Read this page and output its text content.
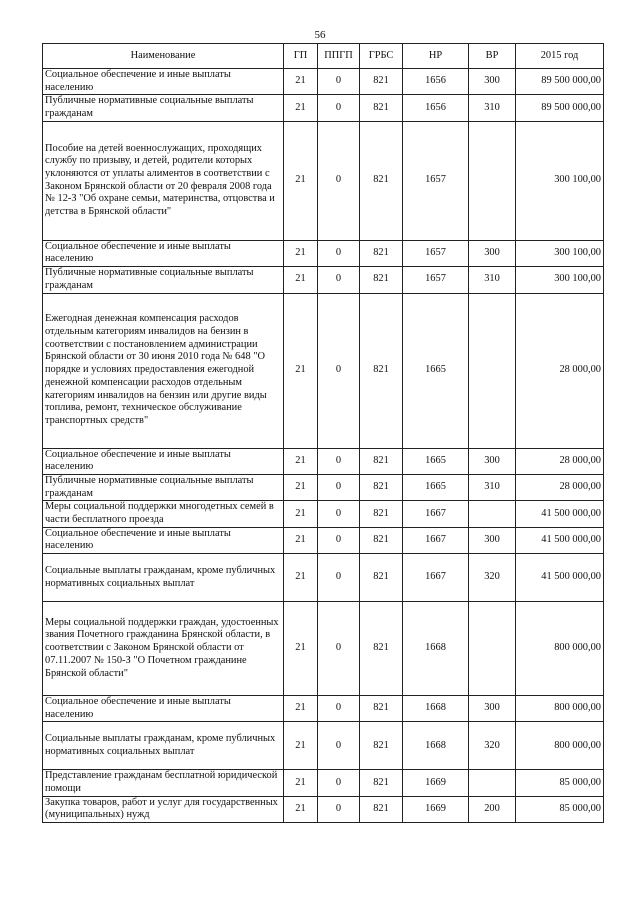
56
Наименование	ГП	ППГП	ГРБС	НР	ВР	2015 год
Социальное обеспечение и иные выплаты населению	21	0	821	1656	300	89 500 000,00
Публичные нормативные социальные выплаты гражданам	21	0	821	1656	310	89 500 000,00
Пособие на детей военнослужащих, проходящих службу по призыву, и детей, родители которых уклоняются от уплаты алиментов в соответствии с Законом Брянской области от 20 февраля 2008 года № 12-З "Об охране семьи, материнства, отцовства и детства в Брянской области"	21	0	821	1657		300 100,00
Социальное обеспечение и иные выплаты населению	21	0	821	1657	300	300 100,00
Публичные нормативные социальные выплаты гражданам	21	0	821	1657	310	300 100,00
Ежегодная денежная компенсация расходов отдельным категориям инвалидов на бензин в соответствии с постановлением администрации Брянской области от 30 июня 2010 года № 648 "О порядке и условиях предоставления ежегодной денежной компенсации расходов отдельным категориям инвалидов на бензин или другие виды топлива, ремонт, техническое обслуживание транспортных средств"	21	0	821	1665		28 000,00
Социальное обеспечение и иные выплаты населению	21	0	821	1665	300	28 000,00
Публичные нормативные социальные выплаты гражданам	21	0	821	1665	310	28 000,00
Меры социальной поддержки многодетных семей в части бесплатного проезда	21	0	821	1667		41 500 000,00
Социальное обеспечение и иные выплаты населению	21	0	821	1667	300	41 500 000,00
Социальные выплаты гражданам, кроме публичных нормативных социальных выплат	21	0	821	1667	320	41 500 000,00
Меры социальной поддержки граждан, удостоенных звания Почетного гражданина Брянской области, в соответствии с Законом Брянской области от 07.11.2007 № 150-З "О Почетном гражданине Брянской области"	21	0	821	1668		800 000,00
Социальное обеспечение и иные выплаты населению	21	0	821	1668	300	800 000,00
Социальные выплаты гражданам, кроме публичных нормативных социальных выплат	21	0	821	1668	320	800 000,00
Представление гражданам бесплатной юридической помощи	21	0	821	1669		85 000,00
Закупка товаров, работ и услуг для государственных (муниципальных) нужд	21	0	821	1669	200	85 000,00
